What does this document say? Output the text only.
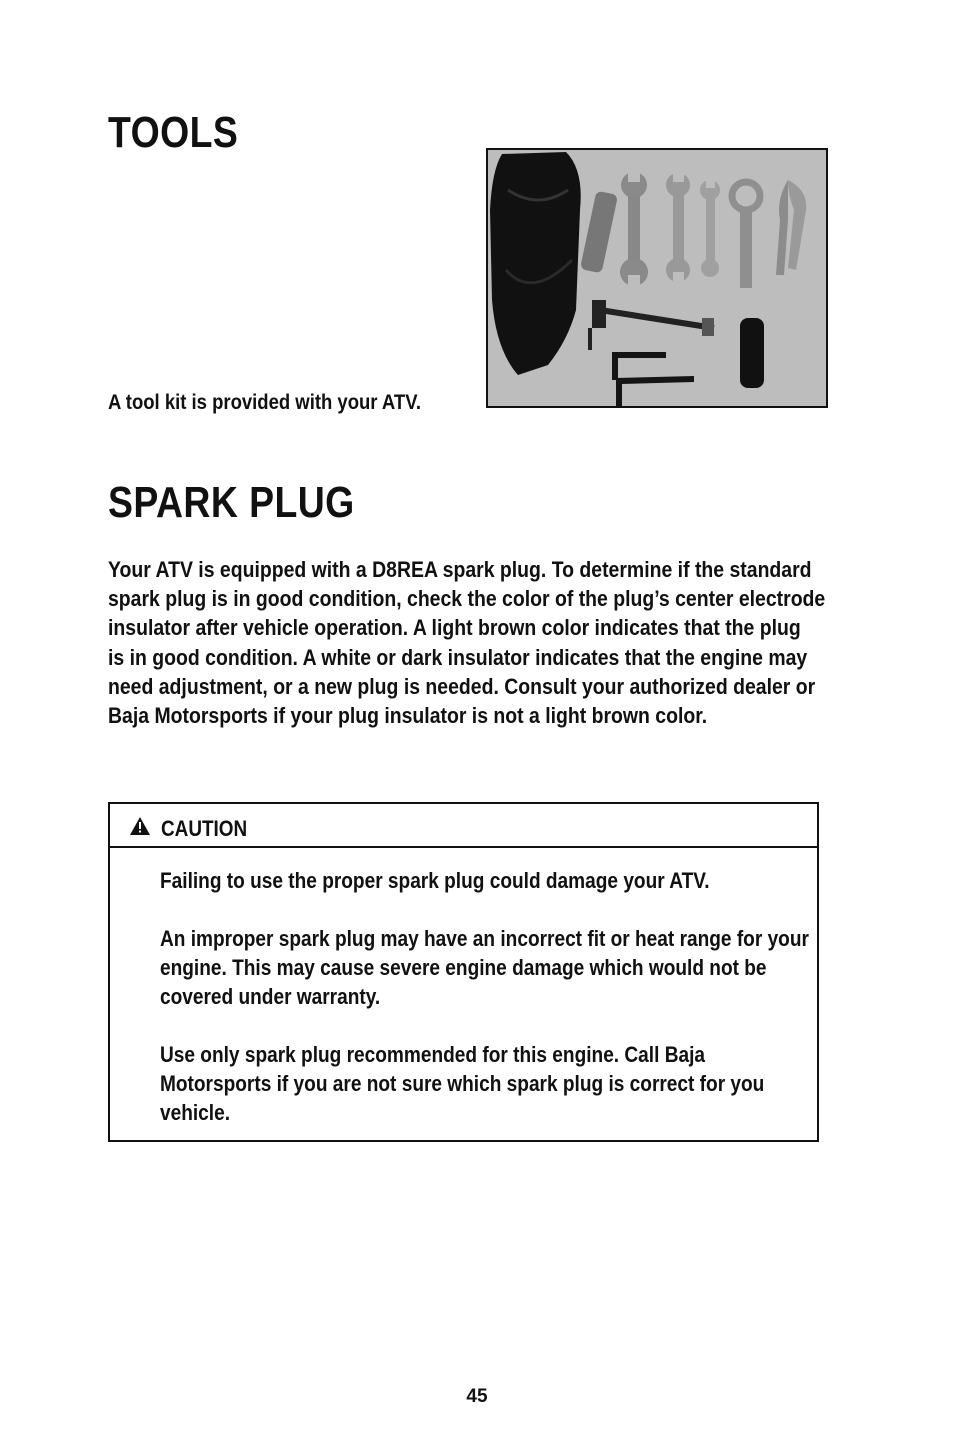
TOOLS
A tool kit is provided with your ATV.
SPARK PLUG
Your ATV is equipped with a D8REA spark plug. To determine if the standard
spark plug is in good condition, check the color of the plug’s center electrode
insulator after vehicle operation. A light brown color indicates that the plug
is in good condition. A white or dark insulator indicates that the engine may
need adjustment, or a new plug is needed. Consult your authorized dealer or
Baja Motorsports if your plug insulator is not a light brown color.
CAUTION

Failing to use the proper spark plug could damage your ATV.

An improper spark plug may have an incorrect fit or heat range for your
engine. This may cause severe engine damage which would not be
covered under warranty.

Use only spark plug recommended for this engine. Call Baja
Motorsports if you are not sure which spark plug is correct for you
vehicle.

45
